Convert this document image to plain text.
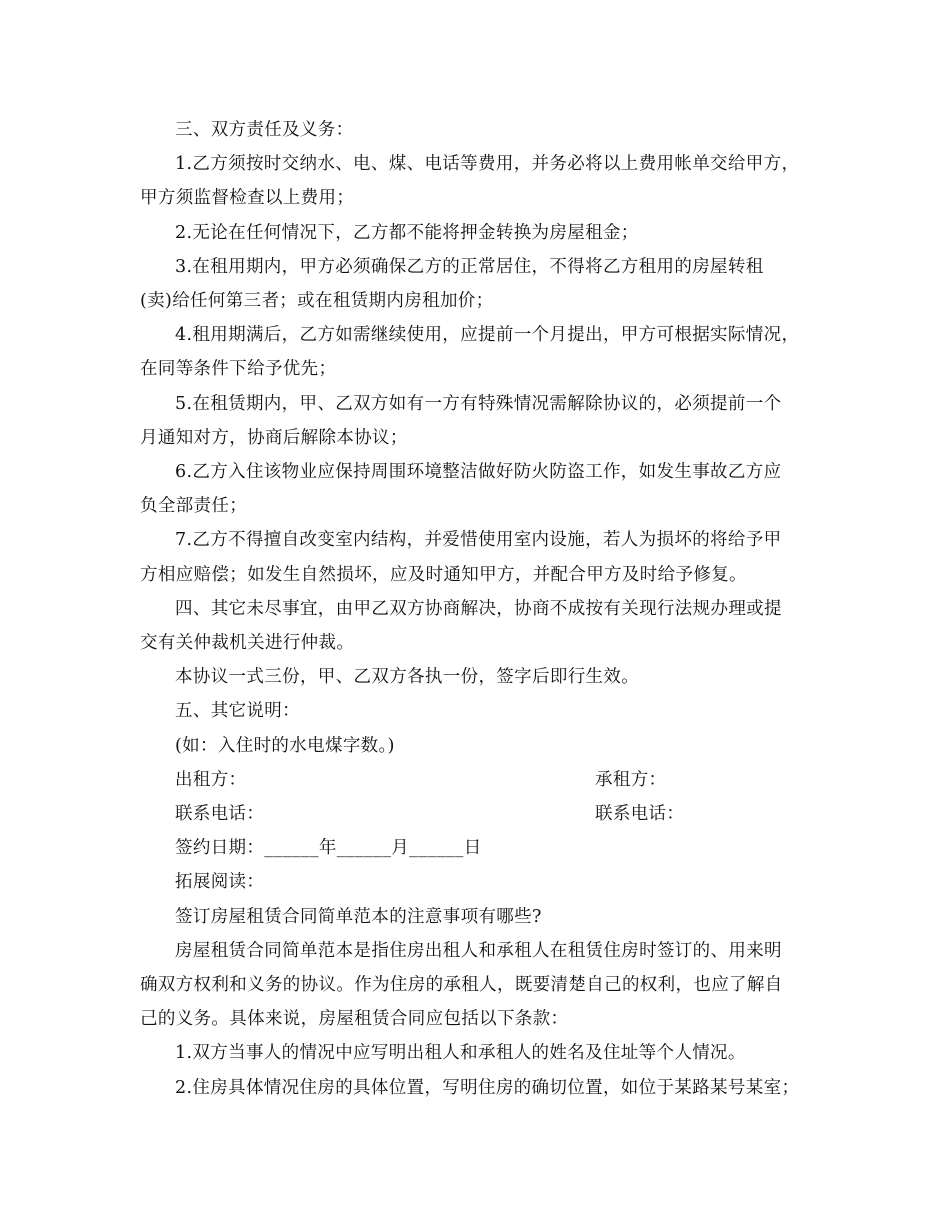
三、双方责任及义务：
1.乙方须按时交纳水、电、煤、电话等费用，并务必将以上费用帐单交给甲方，
甲方须监督检查以上费用；
2.无论在任何情况下，乙方都不能将押金转换为房屋租金；
3.在租用期内，甲方必须确保乙方的正常居住，不得将乙方租用的房屋转租
(卖)给任何第三者；或在租赁期内房租加价；
4.租用期满后，乙方如需继续使用，应提前一个月提出，甲方可根据实际情况，
在同等条件下给予优先；
5.在租赁期内，甲、乙双方如有一方有特殊情况需解除协议的，必须提前一个
月通知对方，协商后解除本协议；
6.乙方入住该物业应保持周围环境整洁做好防火防盗工作，如发生事故乙方应
负全部责任；
7.乙方不得擅自改变室内结构，并爱惜使用室内设施，若人为损坏的将给予甲
方相应赔偿；如发生自然损坏，应及时通知甲方，并配合甲方及时给予修复。
四、其它未尽事宜，由甲乙双方协商解决，协商不成按有关现行法规办理或提
交有关仲裁机关进行仲裁。
本协议一式三份，甲、乙双方各执一份，签字后即行生效。
五、其它说明：
(如：入住时的水电煤字数。)
出租方：	承租方：
联系电话：	联系电话：
签约日期：______年______月______日
拓展阅读：
签订房屋租赁合同简单范本的注意事项有哪些?
房屋租赁合同简单范本是指住房出租人和承租人在租赁住房时签订的、用来明
确双方权利和义务的协议。作为住房的承租人，既要清楚自己的权利，也应了解自
己的义务。具体来说，房屋租赁合同应包括以下条款：
1.双方当事人的情况中应写明出租人和承租人的姓名及住址等个人情况。
2.住房具体情况住房的具体位置，写明住房的确切位置，如位于某路某号某室；
